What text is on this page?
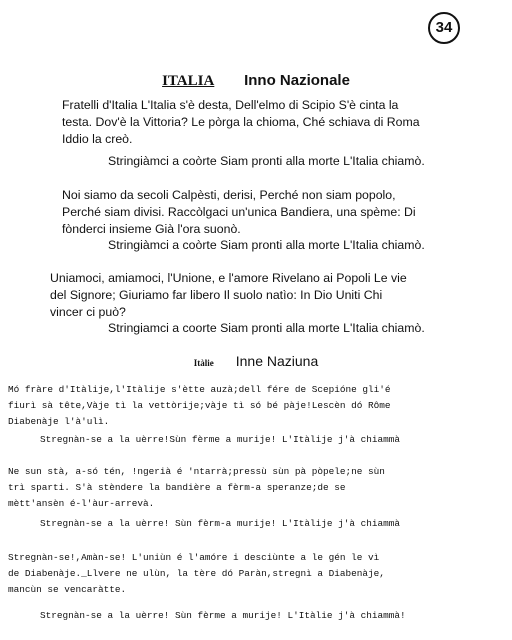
34
ITALIA Inno Nazionale
Fratelli d'Italia L'Italia s'è desta, Dell'elmo di Scipio S'è cinta la
testa. Dov'è la Vittoria? Le pòrga la chioma, Ché schiava di Roma
Iddio la creò.
Stringiàmci a coòrte Siam pronti alla morte L'Italia chiamò.
Noi siamo da secoli Calpèsti, derisi, Perché non siam popolo,
Perché siam divisi. Raccòlgaci un'unica Bandiera, una spème: Di
fònderci insieme Già l'ora suonò.
Stringiàmci a coòrte Siam pronti alla morte L'Italia chiamò.
Uniamoci, amiamoci, l'Unione, e l'amore Rivelano ai Popoli Le vie
del Signore; Giuriamo far libero Il suolo natìo: In Dio Uniti Chi
vincer ci può?
Stringiamci a coorte Siam pronti alla morte L'Italia chiamò.
Itàlie Inne Naziuna
Mó fràre d'Itàlije,l'Itàlije s'ètte auzà;dell fére de Scepióne gli'é
fiurì sà tête,Vàje tì la vettòrije;vàje tì só bé pàje!Lescèn dó Rôme
Diabenàje l'à'ulì.
Stregnàn-se a la uèrre!Sùn fèrme a murije! L'Itàlije j'à chiammà
Ne sun stà, a-só tén, !ngerià é 'ntarrà;pressù sùn pà pòpele;ne sùn
trì sparti. S'à stèndere la bandière a fèrm-a speranze;de se
mètt'ansèn é-l'àur-arrevà.
Stregnàn-se a la uèrre! Sùn fèrm-a murije! L'Itàlije j'à chiammà
Stregnàn-se!,Amàn-se! L'uniùn é l'amóre i desciùnte a le gén le vì
de Diabenàje._Llvere ne ulùn, la tère dó Paràn,stregnì a Diabenàje,
mancùn se vencaràtte.
Stregnàn-se a la uèrre! Sùn fèrme a murije! L'Itàlie j'à chiammà!
